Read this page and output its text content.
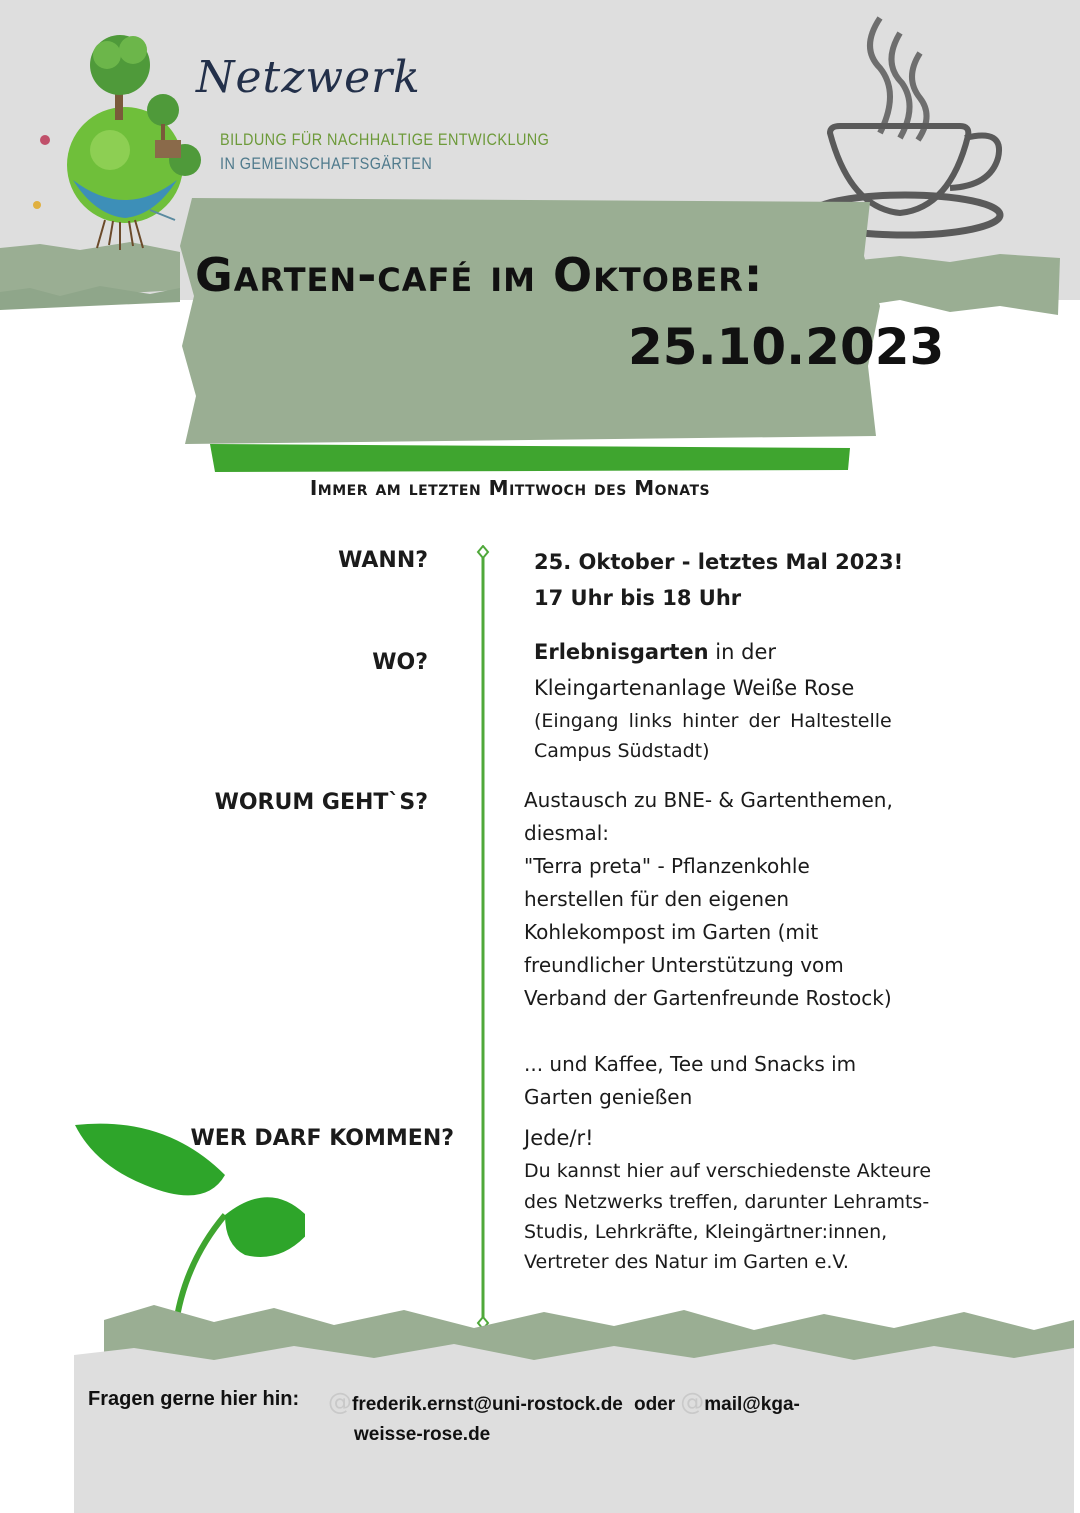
Netzwerk
BILDUNG FÜR NACHHALTIGE ENTWICKLUNG
IN GEMEINSCHAFTSGÄRTEN
Garten-café im Oktober:
25.10.2023
Immer am letzten Mittwoch des Monats
WANN?	25. Oktober - letztes Mal 2023!
17 Uhr bis 18 Uhr
WO?	Erlebnisgarten in der
Kleingartenanlage Weiße Rose
(Eingang links hinter der Haltestelle
Campus Südstadt)
WORUM GEHT`S?	Austausch zu BNE- & Gartenthemen,
diesmal:
"Terra preta" - Pflanzenkohle
herstellen für den eigenen
Kohlekompost im Garten (mit
freundlicher Unterstützung vom
Verband der Gartenfreunde Rostock)
... und Kaffee, Tee und Snacks im
Garten genießen
WER DARF KOMMEN?	Jede/r!
Du kannst hier auf verschiedenste Akteure
des Netzwerks treffen, darunter Lehramts-
Studis, Lehrkräfte, Kleingärtner:innen,
Vertreter des Natur im Garten e.V.
Fragen gerne hier hin: @frederik.ernst@uni-rostock.de oder @mail@kga-
weisse-rose.de
